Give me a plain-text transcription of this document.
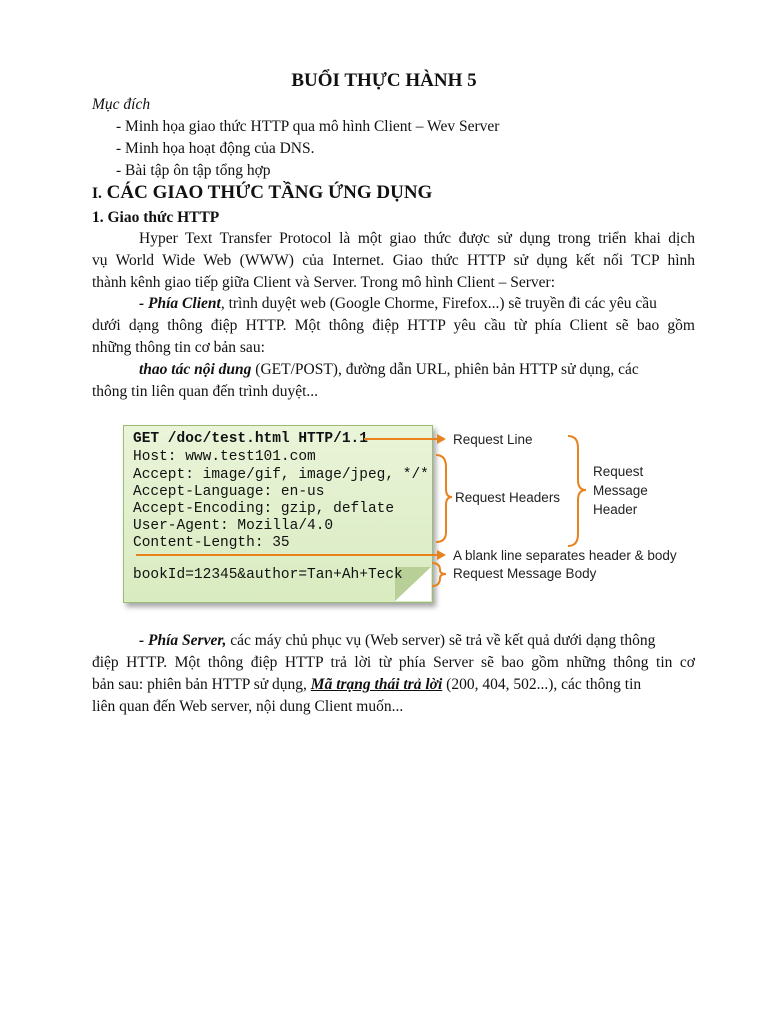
BUỔI THỰC HÀNH 5
Mục đích
- Minh họa giao thức HTTP qua mô hình Client – Wev Server
- Minh họa hoạt động của DNS.
- Bài tập ôn tập tổng hợp
I. CÁC GIAO THỨC TẦNG ỨNG DỤNG
1. Giao thức HTTP
Hyper Text Transfer Protocol là một giao thức được sử dụng trong triển khai dịch
vụ World Wide Web (WWW) của Internet. Giao thức HTTP sử dụng kết nối TCP hình
thành kênh giao tiếp giữa Client và Server. Trong mô hình Client – Server:
- Phía Client, trình duyệt web (Google Chorme, Firefox...) sẽ truyền đi các yêu cầu
dưới dạng thông điệp HTTP. Một thông điệp HTTP yêu cầu từ phía Client sẽ bao gồm
những thông tin cơ bản sau:
thao tác nội dung (GET/POST), đường dẫn URL, phiên bản HTTP sử dụng, các
thông tin liên quan đến trình duyệt...
GET /doc/test.html HTTP/1.1
Host: www.test101.com
Accept: image/gif, image/jpeg, */*
Accept-Language: en-us
Accept-Encoding: gzip, deflate
User-Agent: Mozilla/4.0
Content-Length: 35
bookId=12345&author=Tan+Ah+Teck
Request Line
Request Headers
Request
Message
Header
A blank line separates header & body
Request Message Body
- Phía Server, các máy chủ phục vụ (Web server) sẽ trả về kết quả dưới dạng thông
điệp HTTP. Một thông điệp HTTP trả lời từ phía Server sẽ bao gồm những thông tin cơ
bản sau: phiên bản HTTP sử dụng, Mã trạng thái trả lời (200, 404, 502...), các thông tin
liên quan đến Web server, nội dung Client muốn...
